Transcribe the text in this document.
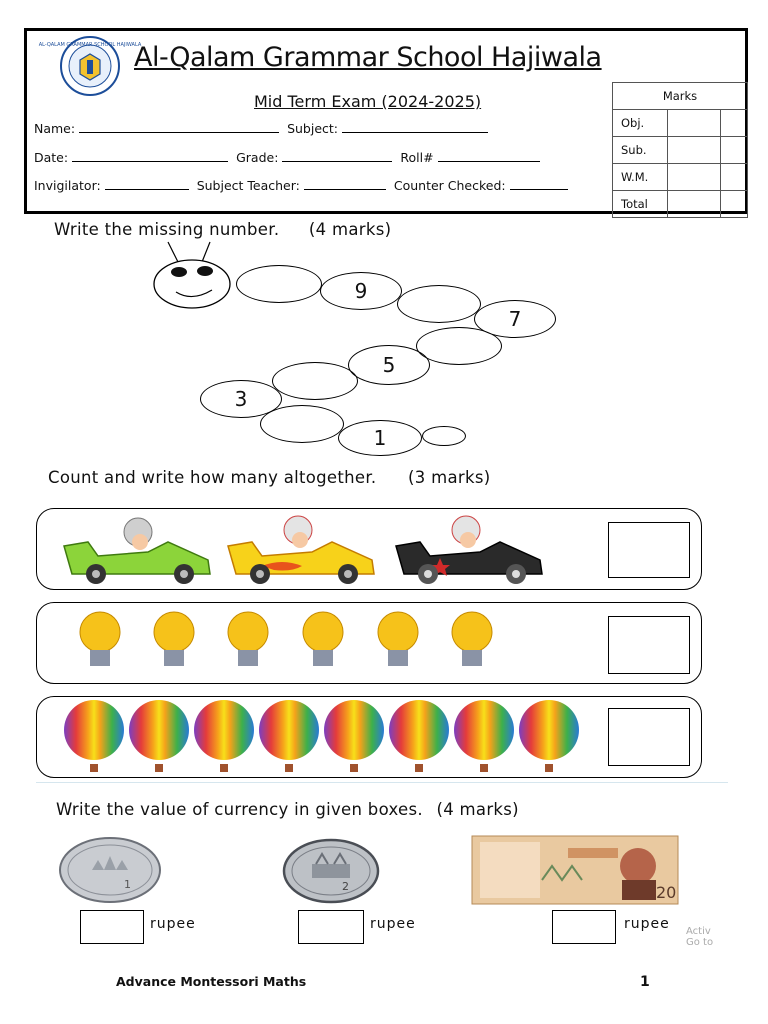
AL-QALAM GRAMMAR SCHOOL HAJIWALA
Al-Qalam Grammar School Hajiwala
Mid Term Exam (2024-2025)
Name:	Subject:
Date:	Grade:	Roll#
Invigilator:	Subject Teacher:	Counter Checked:
Marks		
Obj.		
Sub.		
W.M.		
Total		
Write the missing number. (4 marks)
9
7
5
3
1
Count and write how many altogether. (3 marks)
Write the value of currency in given boxes. (4 marks)
1	2	20
rupee	rupee	rupee Activ
Go to
Advance Montessori Maths	1
